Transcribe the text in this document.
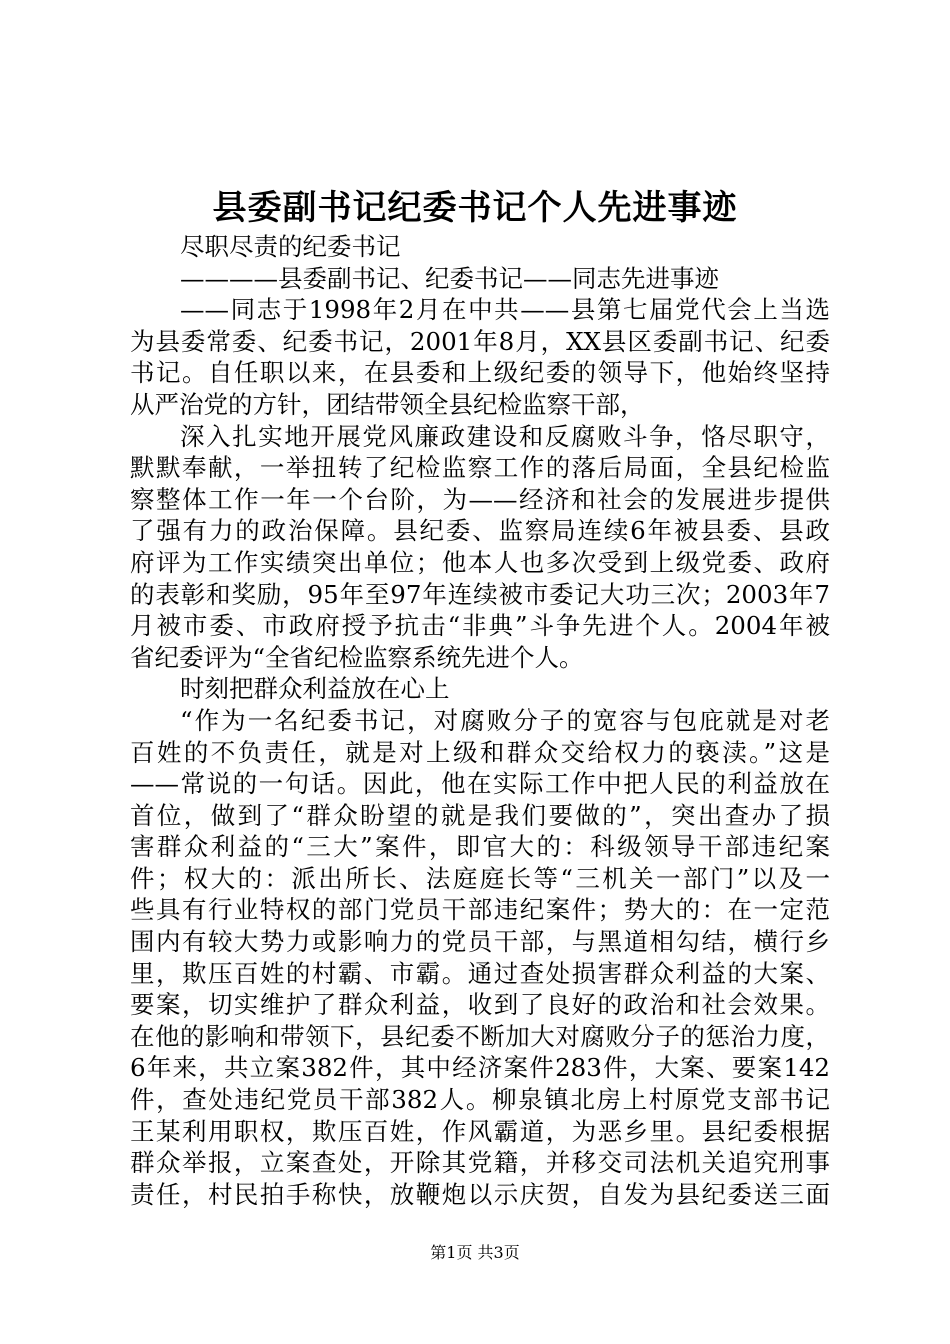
县委副书记纪委书记个人先进事迹
尽职尽责的纪委书记
————县委副书记、纪委书记——同志先进事迹
——同志于1998年2月在中共——县第七届党代会上当选
为县委常委、纪委书记，2001年8月，XX县区委副书记、纪委
书记。自任职以来，在县委和上级纪委的领导下，他始终坚持
从严治党的方针，团结带领全县纪检监察干部，
深入扎实地开展党风廉政建设和反腐败斗争，恪尽职守，
默默奉献，一举扭转了纪检监察工作的落后局面，全县纪检监
察整体工作一年一个台阶，为——经济和社会的发展进步提供
了强有力的政治保障。县纪委、监察局连续6年被县委、县政
府评为工作实绩突出单位；他本人也多次受到上级党委、政府
的表彰和奖励，95年至97年连续被市委记大功三次；2003年7
月被市委、市政府授予抗击“非典”斗争先进个人。2004年被
省纪委评为“全省纪检监察系统先进个人。
时刻把群众利益放在心上
“作为一名纪委书记，对腐败分子的宽容与包庇就是对老
百姓的不负责任，就是对上级和群众交给权力的亵渎。”这是
——常说的一句话。因此，他在实际工作中把人民的利益放在
首位，做到了“群众盼望的就是我们要做的”，突出查办了损
害群众利益的“三大”案件，即官大的：科级领导干部违纪案
件；权大的：派出所长、法庭庭长等“三机关一部门”以及一
些具有行业特权的部门党员干部违纪案件；势大的：在一定范
围内有较大势力或影响力的党员干部，与黑道相勾结，横行乡
里，欺压百姓的村霸、市霸。通过查处损害群众利益的大案、
要案，切实维护了群众利益，收到了良好的政治和社会效果。
在他的影响和带领下，县纪委不断加大对腐败分子的惩治力度，
6年来，共立案382件，其中经济案件283件，大案、要案142
件，查处违纪党员干部382人。柳泉镇北房上村原党支部书记
王某利用职权，欺压百姓，作风霸道，为恶乡里。县纪委根据
群众举报，立案查处，开除其党籍，并移交司法机关追究刑事
责任，村民拍手称快，放鞭炮以示庆贺，自发为县纪委送三面
第1页 共3页
